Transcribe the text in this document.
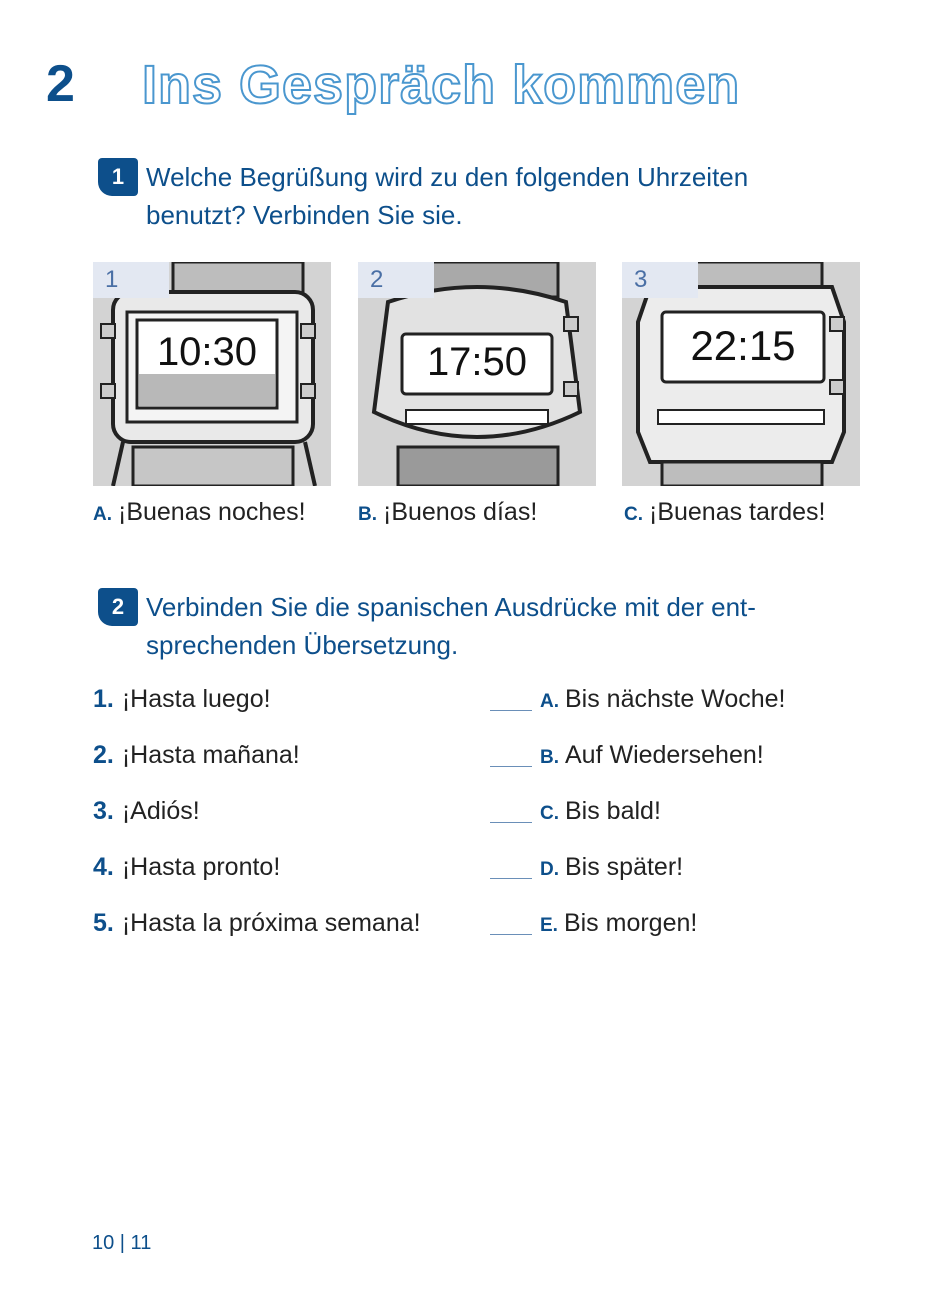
2 Ins Gespräch kommen
1 Welche Begrüßung wird zu den folgenden Uhrzeiten benutzt? Verbinden Sie sie.
1
10:30
2
17:50
3
22:15
A. ¡Buenas noches!	B. ¡Buenos días!	C. ¡Buenas tardes!
2 Verbinden Sie die spanischen Ausdrücke mit der ent-
sprechenden Übersetzung.
1. ¡Hasta luego!
2. ¡Hasta mañana!
3. ¡Adiós!
4. ¡Hasta pronto!
5. ¡Hasta la próxima semana!
A. Bis nächste Woche!
B. Auf Wiedersehen!
C. Bis bald!
D. Bis später!
E. Bis morgen!
10 | 11
